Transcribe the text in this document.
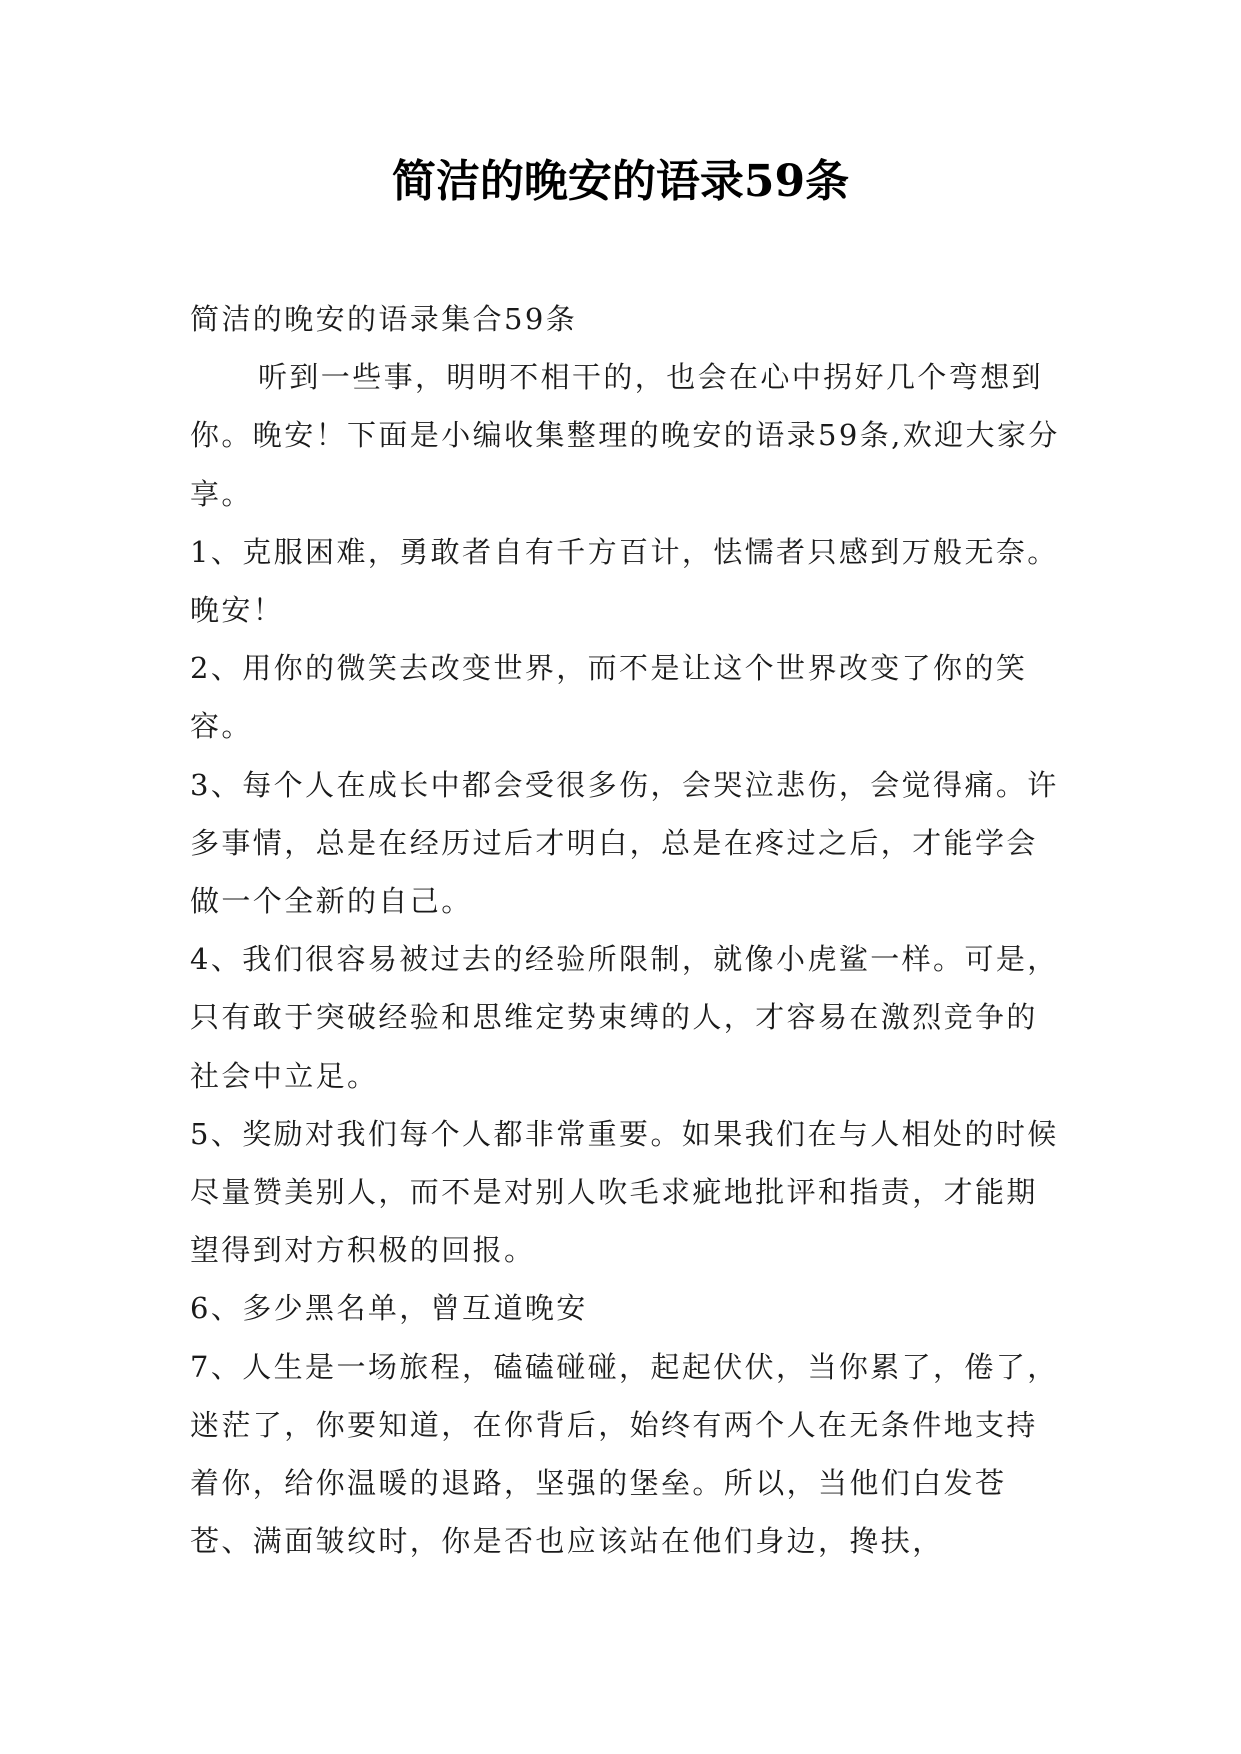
简洁的晚安的语录59条

简洁的晚安的语录集合59条

听到一些事，明明不相干的，也会在心中拐好几个弯想到你。晚安！下面是小编收集整理的晚安的语录59条,欢迎大家分享。

1、克服困难，勇敢者自有千方百计，怯懦者只感到万般无奈。晚安！

2、用你的微笑去改变世界，而不是让这个世界改变了你的笑容。

3、每个人在成长中都会受很多伤，会哭泣悲伤，会觉得痛。许多事情，总是在经历过后才明白，总是在疼过之后，才能学会做一个全新的自己。

4、我们很容易被过去的经验所限制，就像小虎鲨一样。可是，只有敢于突破经验和思维定势束缚的人，才容易在激烈竞争的社会中立足。

5、奖励对我们每个人都非常重要。如果我们在与人相处的时候尽量赞美别人，而不是对别人吹毛求疵地批评和指责，才能期望得到对方积极的回报。

6、多少黑名单，曾互道晚安

7、人生是一场旅程，磕磕碰碰，起起伏伏，当你累了，倦了，迷茫了，你要知道，在你背后，始终有两个人在无条件地支持着你，给你温暖的退路，坚强的堡垒。所以，当他们白发苍苍、满面皱纹时，你是否也应该站在他们身边，搀扶，
